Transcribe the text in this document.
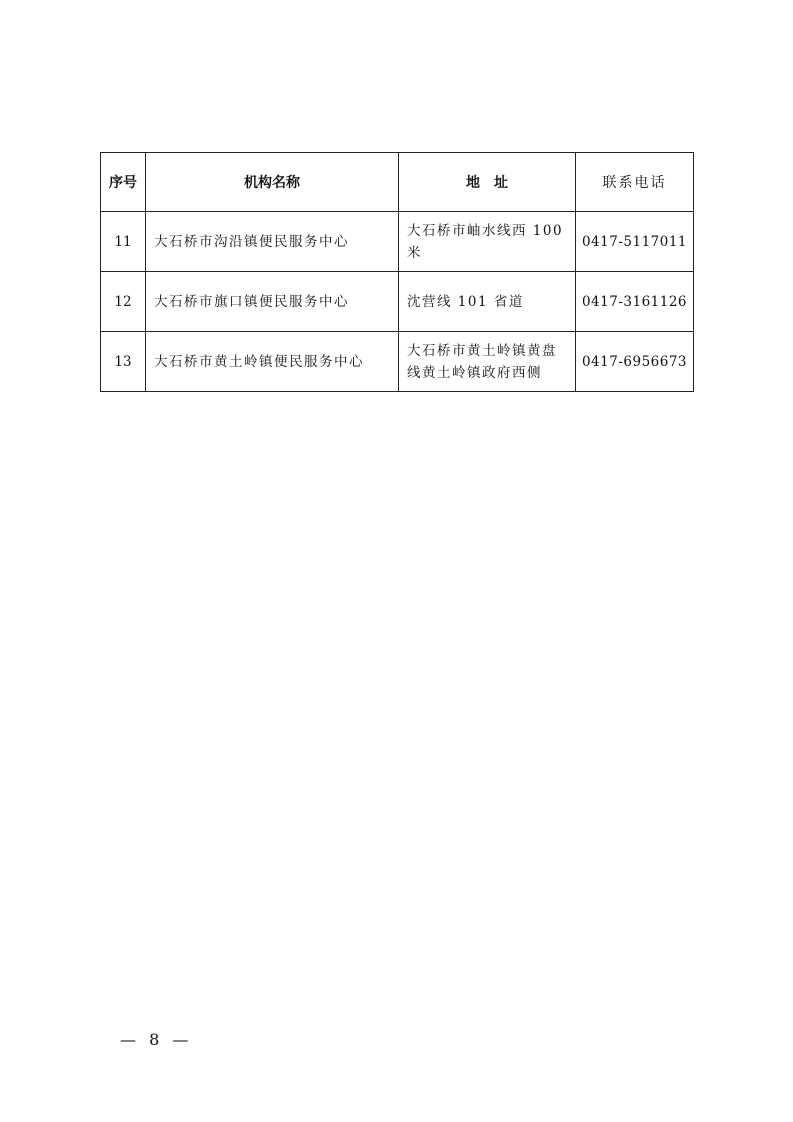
序号	机构名称	地址	联系电话
11	大石桥市沟沿镇便民服务中心	大石桥市岫水线西 100 米	0417-5117011
12	大石桥市旗口镇便民服务中心	沈营线 101 省道	0417-3161126
13	大石桥市黄土岭镇便民服务中心	大石桥市黄土岭镇黄盘线黄土岭镇政府西侧	0417-6956673
— 8 —
